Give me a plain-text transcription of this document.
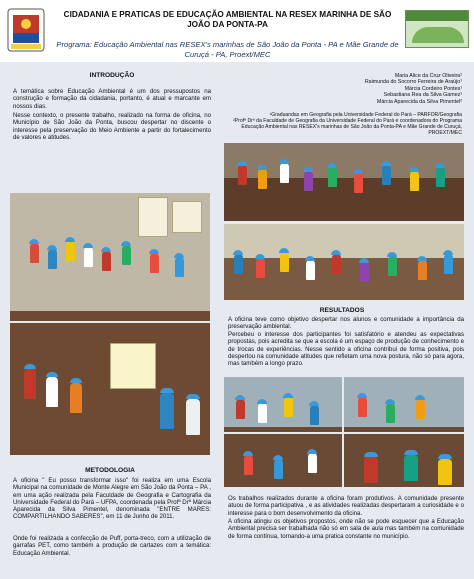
CIDADANIA E PRATICAS DE EDUCAÇÃO AMBIENTAL NA RESEX MARINHA DE SÃO JOÃO DA PONTA-PA
Programa: Educação Ambiental nas RESEX's marinhas de São João da Ponta - PA e Mãe Grande de Curuçá - PA, Proext/MEC
INTRODUÇÃO
A temática sobre Educação Ambiental é um dos pressupostos na construção e formação da cidadania, portanto, é atual e marcante em nossos dias.
Nesse contexto, o presente trabalho, realizado na forma de oficina, no Município de São João da Ponta, buscou despertar no discente o interesse pela preservação do Meio Ambiente a partir do fortalecimento de valores e atitudes.
Maria Alice da Cruz Oliveira¹
Raimunda do Socorro Ferreira de Araújo¹
Márcia Cordeiro Pontes¹
Sebastiana Rea da Silva Gamez¹
Márcia Aparecida da Silva Pimentel²
¹Graduandas em Geografia pela Universidade Federal do Pará – PARFOR/Geografia
²Profª Drª da Faculdade de Geografia da Universidade Federal do Pará e coordenadora do Programa Educação Ambiental nas RESEX's marinhas de São João da Ponta-PA e Mãe Grande de Curuçá, PROEXT/MEC
METODOLOGIA
A oficina " Eu posso transformar isso" foi realiza em uma Escola Municipal na comunidade de Monte Alegre em São João da Ponta – PA , em uma ação realizada pela Faculdade de Geografia e Cartografia da Universidade Federal do Pará – UFPA, coordenada pela Profª Drª Márcia Aparecida da Silva Pimentel, denominada "ENTRE MARES: COMPARTILHANDO SABERES", em 11 de Junho de 2011.
Onde foi realizada a confecção de Puff, porta-treco, com a utilização de garrafas PET, como também a produção de cartazes com a temática: Educação Ambiental.
RESULTADOS
A oficina teve como objetivo despertar nos alunos e comunidade a importância da preservação ambiental.
Percebeu o interesse dos participantes foi satisfatório e atendeu as expectativas propostas, pois acredita se que a escola é um espaço de produção de conhecimento e de trocas de experiências. Nesse sentido a oficina contribui de forma positiva, pois despertou na comunidade atitudes que refletam uma nova postura, não só para agora, mas também a longo prazo.
Os trabalhos realizados durante a oficina foram produtivos. A comunidade presente atuou de forma participativa , e as atividades realizadas despertaram a curiosidade e o interesse para o bom desenvolvimento da oficina.
A oficina atingiu os objetivos propostos, onde não se pode esquecer que a Educação Ambiental precisa ser trabalhada não só em sala de aula mas também na comunidade de forma contínua, tornando-a uma pratica constante no município.
